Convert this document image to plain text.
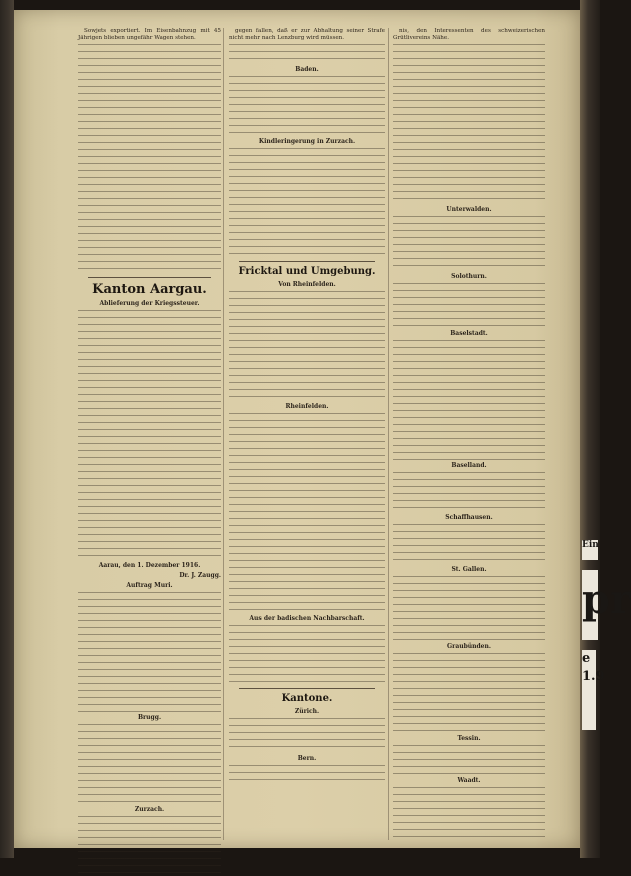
Sowjets exportiert. Im Eisenbahnzug mit 45 Jährigen blieben ungefähr Wagen stehen.

Kanton Aargau.
Ablieferung der Kriegssteuer.
Aarau, den 1. Dezember 1916.
Dr. J. Zaugg.
Auftrag Muri.
Brugg.
Zurzach.

gegen fallen, daß er zur Abhaltung seiner Strafe nicht mehr nach Lenzburg wird müssen.

Baden.
Kindleringerung in Zurzach.
Fricktal und Umgebung.
Von Rheinfelden.
Rheinfelden.
Aus der badischen Nachbarschaft.
Kantone.
Zürich.
Bern.

nis, den Interessenten des schweizerischen Grütlivereins Nähe.

Unterwalden.
Solothurn.
Baselstadt.
Baselland.
Schaffhausen.
St. Gallen.
Graubünden.
Tessin.
Waadt.
Ein
pr
e 1.9
